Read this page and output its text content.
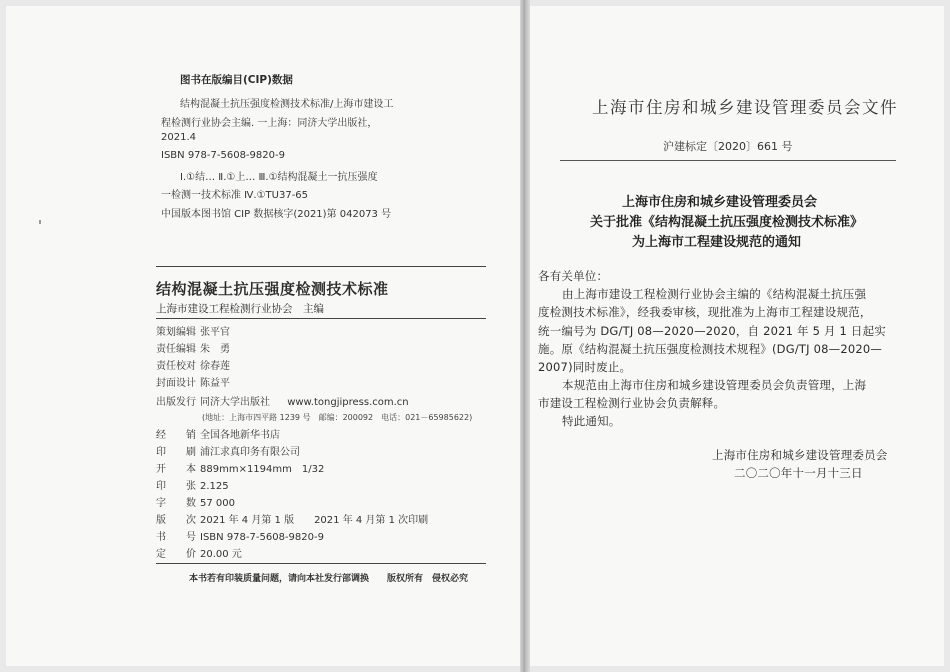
图书在版编目(CIP)数据
结构混凝土抗压强度检测技术标准/上海市建设工
程检测行业协会主编. 一上海：同济大学出版社，
2021.4
ISBN 978-7-5608-9820-9
Ⅰ.①结… Ⅱ.①上… Ⅲ.①结构混凝土一抗压强度
一检测一技术标准 Ⅳ.①TU37-65
中国版本图书馆 CIP 数据核字(2021)第 042073 号
结构混凝土抗压强度检测技术标准
上海市建设工程检测行业协会　主编
策划编辑 张平官
责任编辑 朱　勇
责任校对 徐春莲
封面设计 陈益平
出版发行 同济大学出版社 www.tongjipress.com.cn
(地址：上海市四平路 1239 号　邮编：200092　电话：021－65985622)
经　　销 全国各地新华书店
印　　刷 浦江求真印务有限公司
开　　本 889mm×1194mm　1/32
印　　张 2.125
字　　数 57 000
版　　次 2021 年 4 月第 1 版　　2021 年 4 月第 1 次印刷
书　　号 ISBN 978-7-5608-9820-9
定　　价 20.00 元
本书若有印装质量问题，请向本社发行部调换　　版权所有　侵权必究
上海市住房和城乡建设管理委员会文件
沪建标定〔2020〕661 号
上海市住房和城乡建设管理委员会
关于批准《结构混凝土抗压强度检测技术标准》
为上海市工程建设规范的通知
各有关单位：
由上海市建设工程检测行业协会主编的《结构混凝土抗压强
度检测技术标准》，经我委审核，现批准为上海市工程建设规范，
统一编号为 DG/TJ 08—2020—2020，自 2021 年 5 月 1 日起实
施。原《结构混凝土抗压强度检测技术规程》(DG/TJ 08—2020—
2007)同时废止。
本规范由上海市住房和城乡建设管理委员会负责管理，上海
市建设工程检测行业协会负责解释。
特此通知。
上海市住房和城乡建设管理委员会
二〇二〇年十一月十三日
